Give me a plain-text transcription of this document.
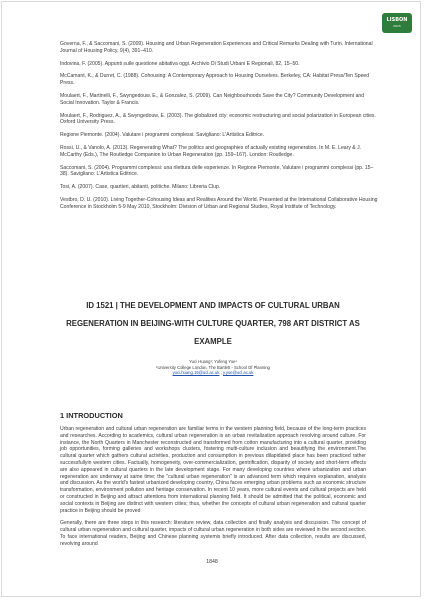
LISBON
2015

Governa, F., & Saccomani, S. (2009). Housing and Urban Regeneration Experiences and Critical Remarks Dealing with Turin. International Journal of Housing Policy, 9(4), 391–410.

Indovina, F. (2005). Appunti sulle questione abitativa oggi. Archivio Di Studi Urbani E Regionali, 82, 15–50.

McCamant, K., & Durret, C. (1988). Cohousing: A Contemporary Approach to Housing Ourselves. Berkeley, CA: Habitat Press/Ten Speed Press.

Moulaert, F., Martinelli, F., Swyngedouw, E., & Gonzalez, S. (2009). Can Neighbourhoods Save the City? Community Development and Social Innovation. Taylor & Francis.

Moulaert, F., Rodriguez, A., & Swyngedouw, E. (2003). The globalized city: economic restructuring and social polarization in European cities. Oxford University Press.

Regione Piemonte. (2004). Valutare i programmi complessi. Savigliano: L'Artistica Editrice.

Rossi, U., & Vanolo, A. (2013). Regenerating What? The politics and geographies of actually existing regeneration. In M. E. Leary & J. McCarthy (Eds.), The Routledge Companion to Urban Regeneration (pp. 159–167). London: Routledge.

Saccomani, S. (2004). Programmi complessi: una rilettura delle esperienze. In Regione Piemonte, Valutare i programmi complessi (pp. 15–38). Savigliano: L'Artistica Editrice.

Tosi, A. (2007). Case, quartieri, abitanti, politiche. Milano: Libreria Clup.

Vestbro, D. U. (2010). Living Together-Cohousing Ideas and Realities Around the World. Presented at the International Collaborative Housing Conference in Stockholm 5-9 May 2010, Stockholm: Division of Urban and Regional Studies, Royal Institute of Technology.

ID 1521 | THE DEVELOPMENT AND IMPACTS OF CULTURAL URBAN REGENERATION IN BEIJING-WITH CULTURE QUARTER, 798 ART DISTRICT AS EXAMPLE
Yuci Huang¹; Yufeng Yue¹
¹University College London, The Bartlett - School Of Planning
yuci.huang.16@ucl.ac.uk ; y.yue@ucl.ac.uk
1 INTRODUCTION

Urban regeneration and cultural urban regeneration are familiar terms in the western planning field, because of the long-term practices and researches. According to academics, cultural urban regeneration is an urban revitalization approach revolving around culture. For instance, the North Quarters in Manchester reconstructed and transformed from cotton manufacturing into a cultural quarter, providing job opportunities, forming galleries and workshops clusters, fostering multi-culture inclusion and beautifying the environment.The cultural quarter which gathers cultural activities, production and consumption in previous dilapidated place has been practiced rather successfullyin western cities. Factually, homogeneity, over-commercialization, gentrification, disparity of society and short-term effects are also appeared in cultural quarters in the late development stage. For many developing countries where urbanization and urban regeneration are underway at same time; the "cultural urban regeneration" is an advanced term which requires explanation, analysis and discussion. As the world's fastest urbanized developing country, China faces emerging urban problems such as economic structure transformation, environment pollution and heritage conservation. In recent 10 years, more cultural events and cultural projects are held or constructed in Beijing and attract attentions from international planning field. It should be admitted that the political, economic and social contexts in Beijing are distinct with western cities; thus, whether the concepts of cultural urban regeneration and cultural quarter practice in Beijing should be proved

Generally, there are three steps in this research: literature review, data collection and finally analysis and discussion. The concept of cultural urban regeneration and cultural quarter, impacts of cultural urban regeneration in both sides are reviewed in the second section. To face international readers, Beijing and Chinese planning systemis briefly introduced. After data collection, results are discussed, revolving around

1848
